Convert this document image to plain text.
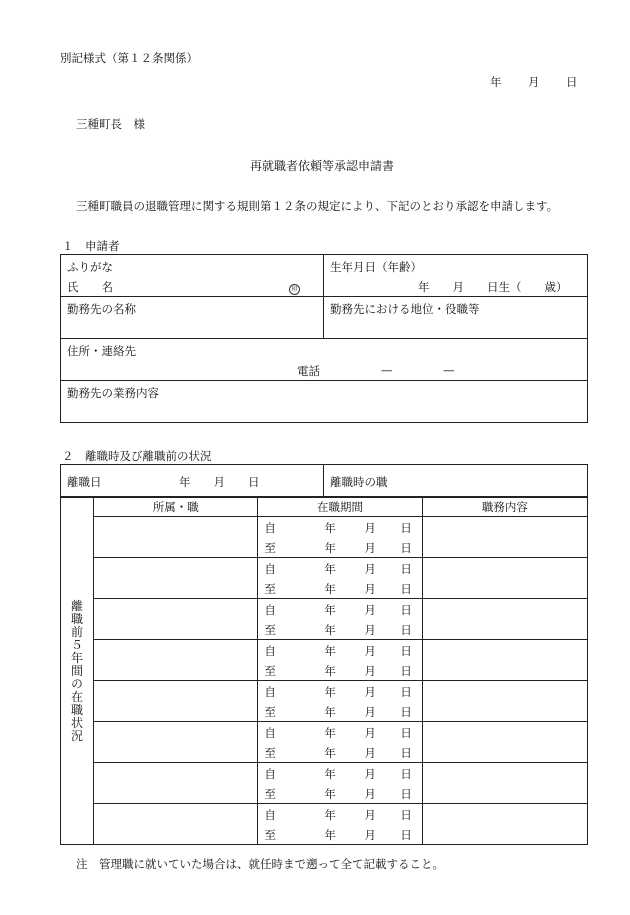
別記様式（第１２条関係）
年 月 日
三種町長　様
再就職者依頼等承認申請書
三種町職員の退職管理に関する規則第１２条の規定により、下記のとおり承認を申請します。
１　申請者
ふりがな
氏　　名 印	生年月日（年齢）
年　　月　　日生（　　歳）

勤務先の名称	勤務先における地位・役職等

住所・連絡先
電話 — —	

勤務先の業務内容	
２　離職時及び離職前の状況
離職日	年　　月　　日	離職時の職
離職前５年間の在職状況	所属・職	在職期間	職務内容

		自 年 月 日	

		至 年 月 日	

		自 年 月 日	

		至 年 月 日	

		自 年 月 日	

		至 年 月 日	

		自 年 月 日	

		至 年 月 日	

		自 年 月 日	

		至 年 月 日	

		自 年 月 日	

		至 年 月 日	

		自 年 月 日	

		至 年 月 日	

		自 年 月 日	

		至 年 月 日	
注　管理職に就いていた場合は、就任時まで遡って全て記載すること。
